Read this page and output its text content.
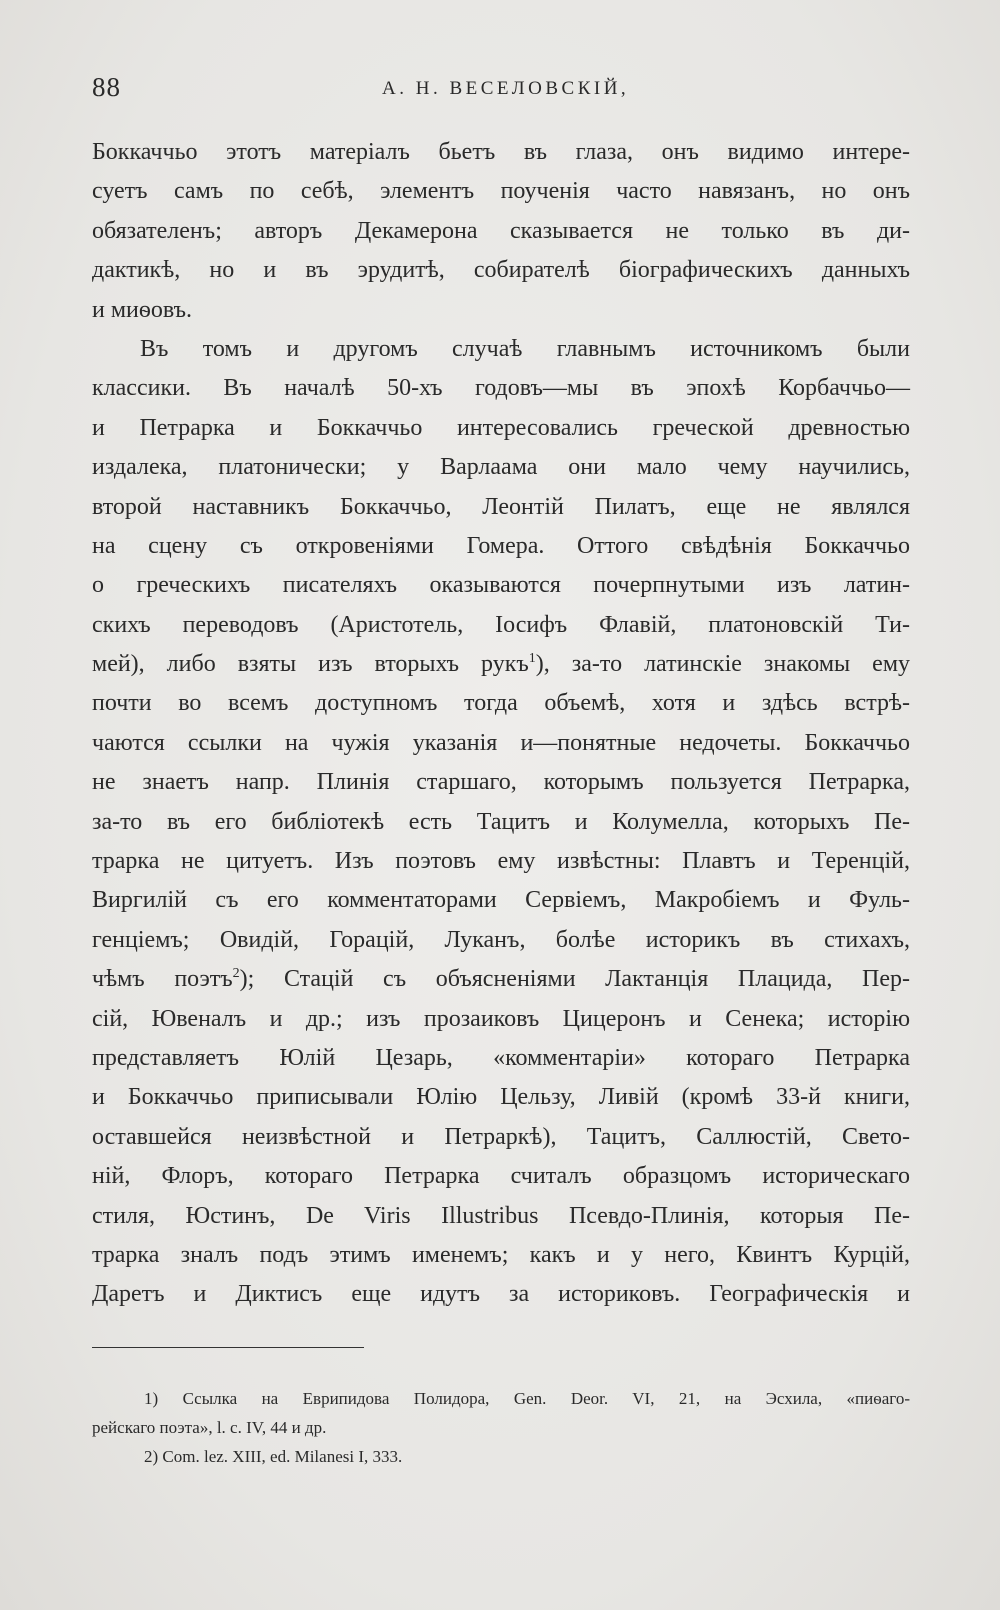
88	А. Н. ВЕСЕЛОВСКІЙ,
Боккаччьо этотъ матеріалъ бьетъ въ глаза, онъ видимо интере-
суетъ самъ по себѣ, элементъ поученія часто навязанъ, но онъ
обязателенъ; авторъ Декамерона сказывается не только въ ди-
дактикѣ, но и въ эрудитѣ, собирателѣ біографическихъ данныхъ
и миѳовъ.
Въ томъ и другомъ случаѣ главнымъ источникомъ были
классики. Въ началѣ 50-хъ годовъ—мы въ эпохѣ Корбаччьо—
и Петрарка и Боккаччьо интересовались греческой древностью
издалека, платонически; у Варлаама они мало чему научились,
второй наставникъ Боккаччьо, Леонтій Пилатъ, еще не являлся
на сцену съ откровеніями Гомера. Оттого свѣдѣнія Боккаччьо
о греческихъ писателяхъ оказываются почерпнутыми изъ латин-
скихъ переводовъ (Аристотель, Іосифъ Флавій, платоновскій Ти-
мей), либо взяты изъ вторыхъ рукъ$^1$), за-то латинскіе знакомы ему
почти во всемъ доступномъ тогда объемѣ, хотя и здѣсь встрѣ-
чаются ссылки на чужія указанія и—понятные недочеты. Боккаччьо
не знаетъ напр. Плинія старшаго, которымъ пользуется Петрарка,
за-то въ его библіотекѣ есть Тацитъ и Колумелла, которыхъ Пе-
трарка не цитуетъ. Изъ поэтовъ ему извѣстны: Плавтъ и Теренцій,
Виргилій съ его комментаторами Сервіемъ, Макробіемъ и Фуль-
генціемъ; Овидій, Горацій, Луканъ, болѣе историкъ въ стихахъ,
чѣмъ поэтъ$^2$); Стацій съ объясненіями Лактанція Плацида, Пер-
сій, Ювеналъ и др.; изъ прозаиковъ Цицеронъ и Сенека; исторію
представляетъ Юлій Цезарь, «комментаріи» котораго Петрарка
и Боккаччьо приписывали Юлію Цельзу, Ливій (кромѣ 33-й книги,
оставшейся неизвѣстной и Петраркѣ), Тацитъ, Саллюстій, Свето-
ній, Флоръ, котораго Петрарка считалъ образцомъ историческаго
стиля, Юстинъ, De Viris Illustribus Псевдо-Плинія, которыя Пе-
трарка зналъ подъ этимъ именемъ; какъ и у него, Квинтъ Курцій,
Даретъ и Диктисъ еще идутъ за историковъ. Географическія и
1) Ссылка на Еврипидова Полидора, Gen. Deor. VI, 21, на Эсхила, «пиѳаго-
рейскаго поэта», l. c. IV, 44 и др.
2) Com. lez. XIII, ed. Milanesi I, 333.
